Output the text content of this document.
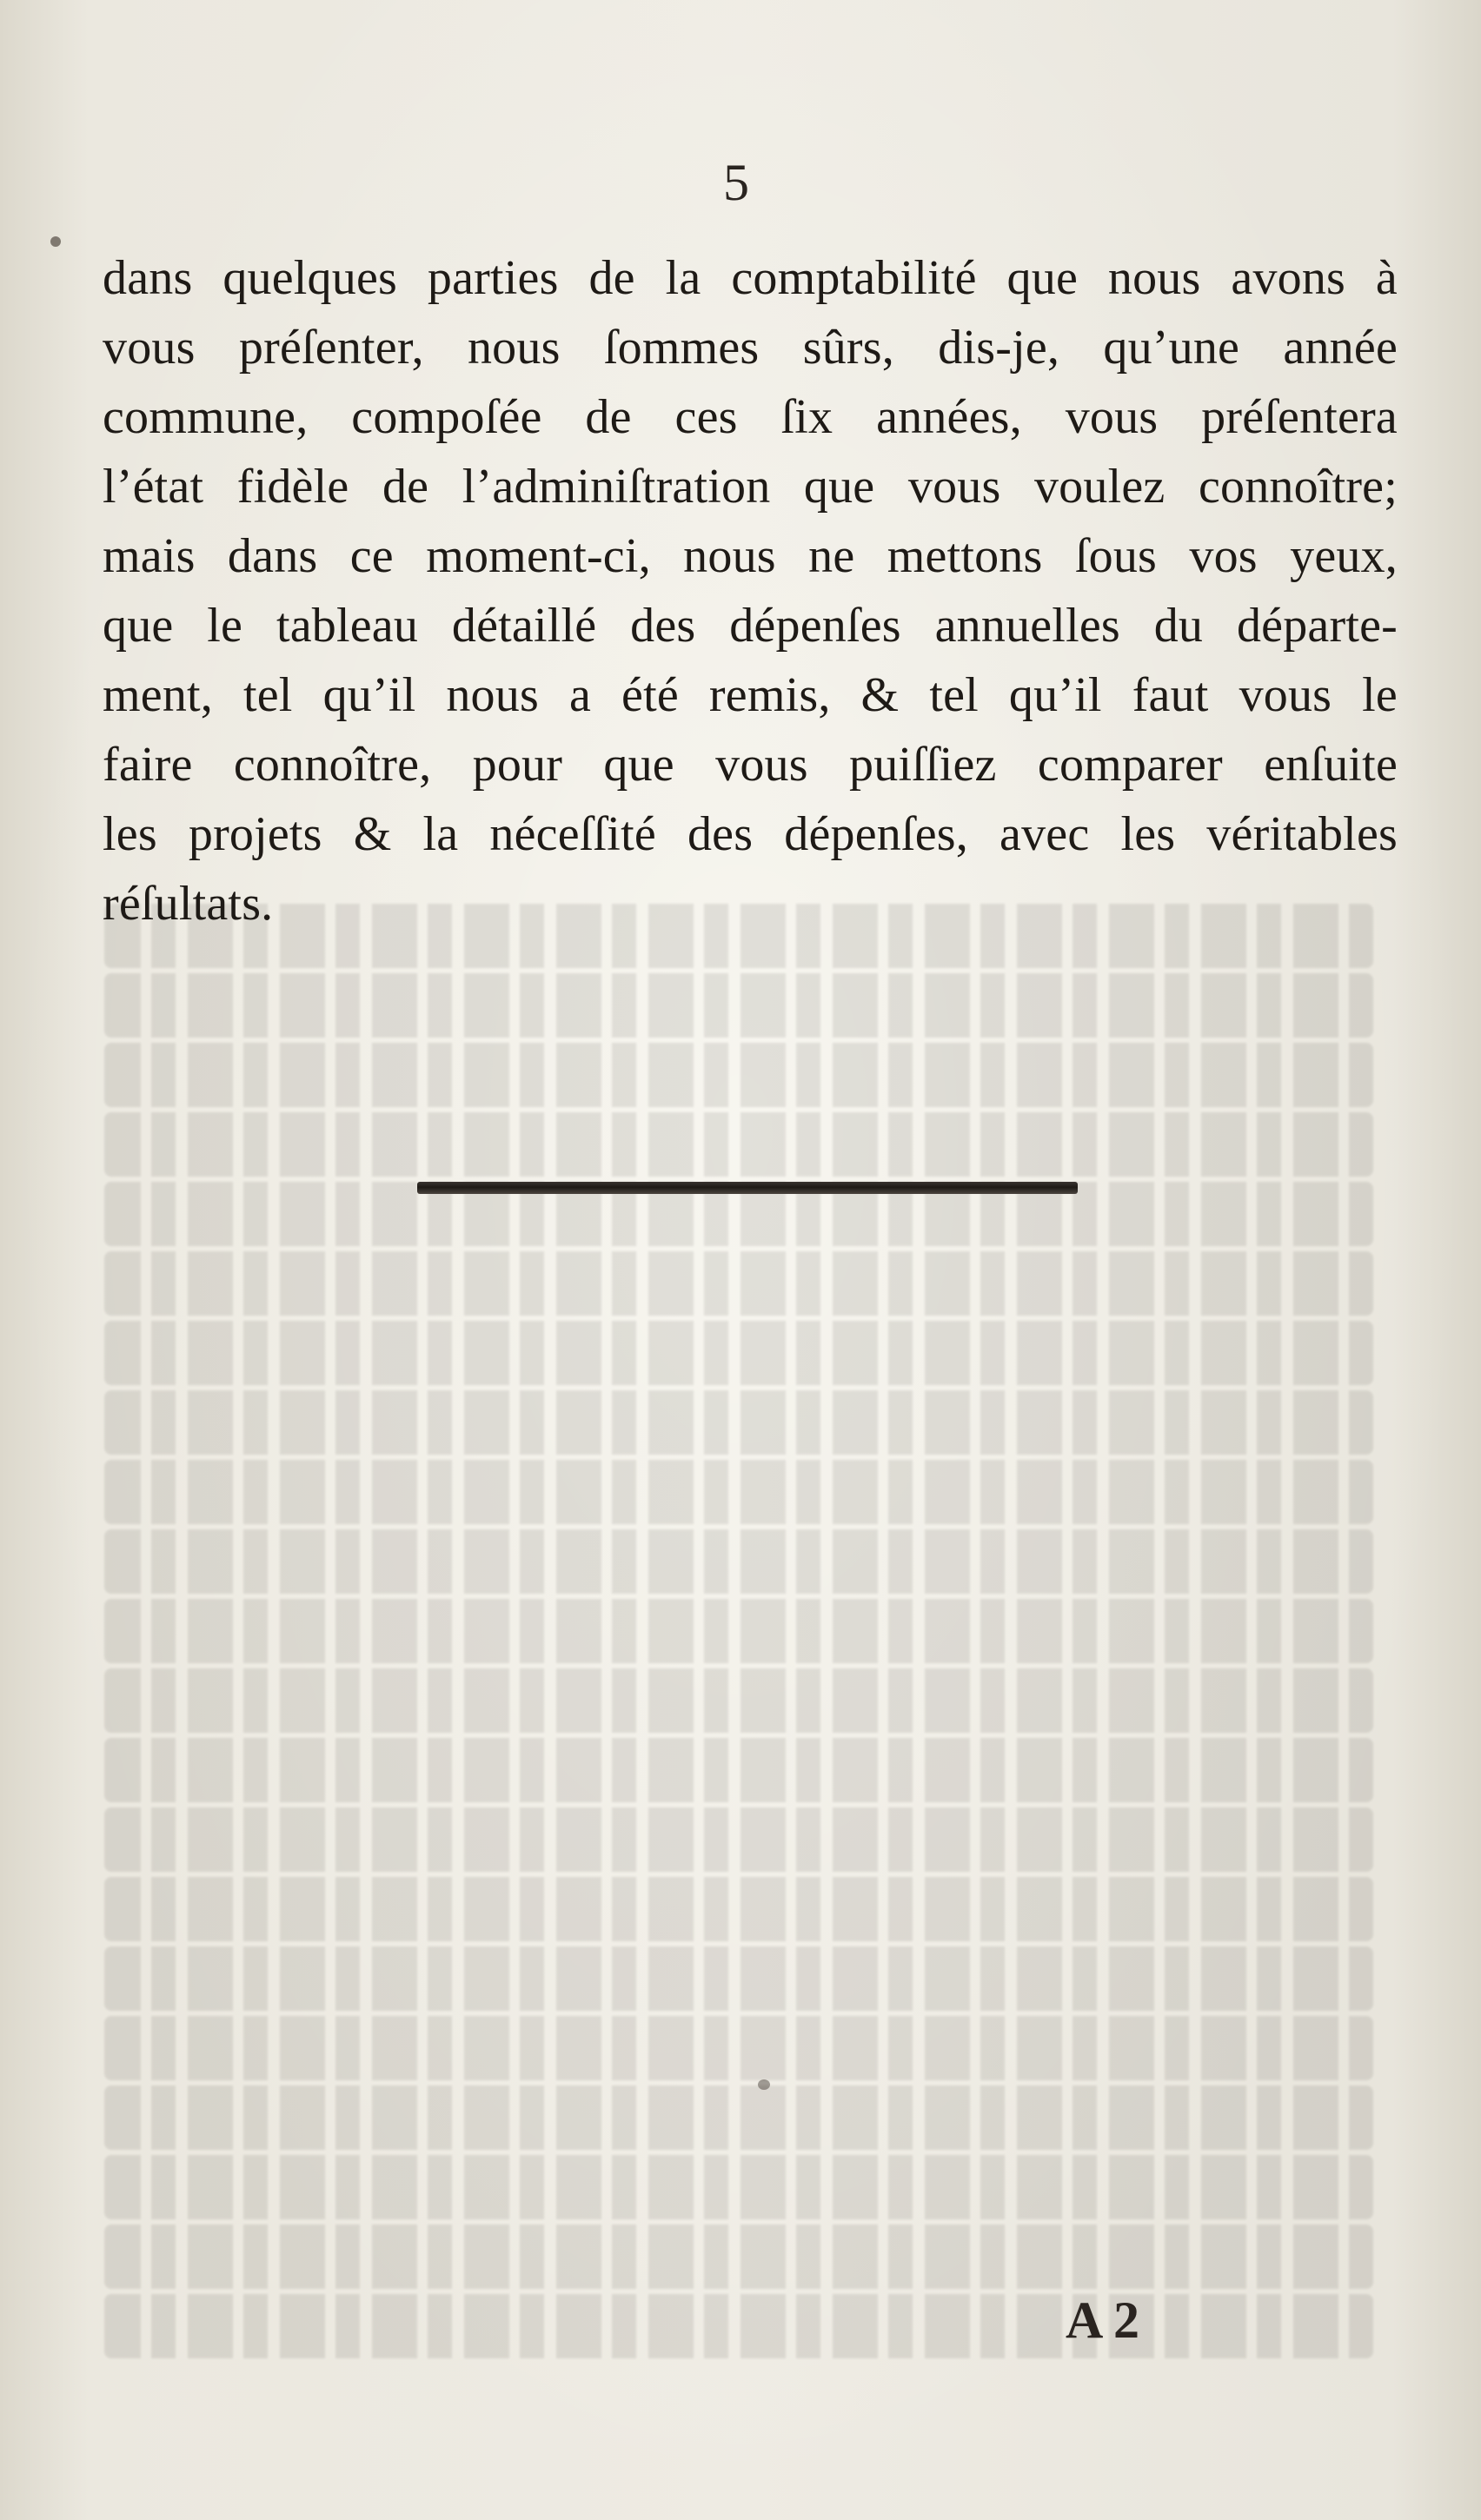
5
dans quelques parties de la comptabilité que nous avons à
vous préſenter, nous ſommes sûrs, dis-je, qu’une année
commune, compoſée de ces ſix années, vous préſentera
l’état fidèle de l’adminiſtration que vous voulez connoître;
mais dans ce moment-ci, nous ne mettons ſous vos yeux,
que le tableau détaillé des dépenſes annuelles du départe-
ment, tel qu’il nous a été remis, & tel qu’il faut vous le
faire connoître, pour que vous puiſſiez comparer enſuite
les projets & la néceſſité des dépenſes, avec les véritables
réſultats.
A 2
